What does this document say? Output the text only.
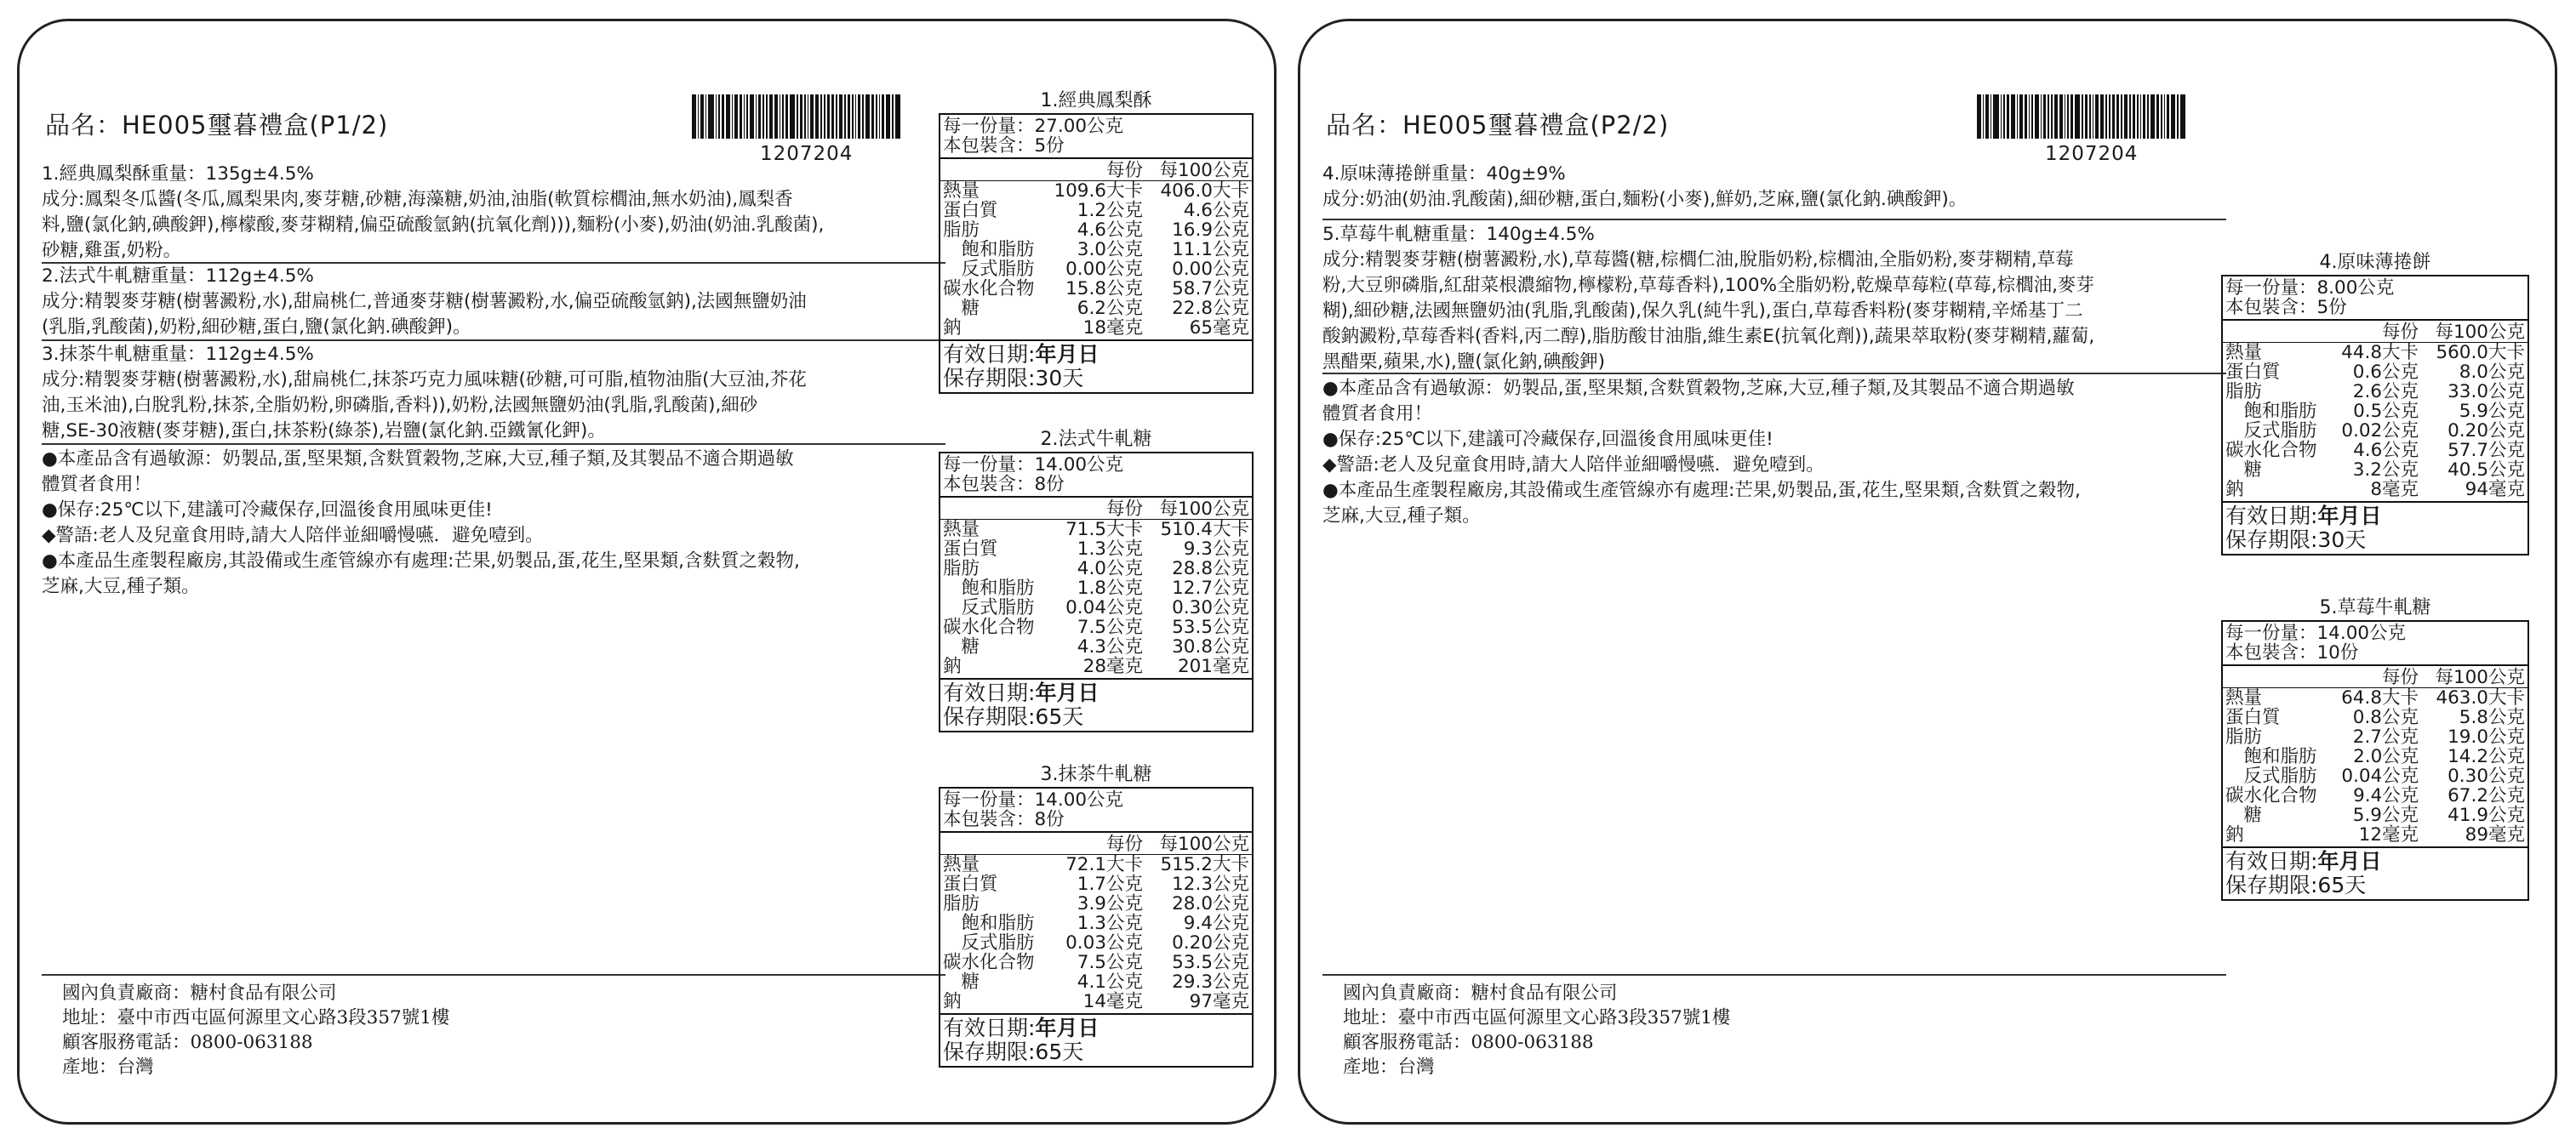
品名：HE005璽暮禮盒(P1/2)
1207204
1.經典鳳梨酥重量：135g±4.5%
成分:鳳梨冬瓜醬(冬瓜,鳳梨果肉,麥芽糖,砂糖,海藻糖,奶油,油脂(軟質棕櫚油,無水奶油),鳳梨香
料,鹽(氯化鈉,碘酸鉀),檸檬酸,麥芽糊精,偏亞硫酸氫鈉(抗氧化劑))),麵粉(小麥),奶油(奶油.乳酸菌),
砂糖,雞蛋,奶粉。
2.法式牛軋糖重量：112g±4.5%
成分:精製麥芽糖(樹薯澱粉,水),甜扁桃仁,普通麥芽糖(樹薯澱粉,水,偏亞硫酸氫鈉),法國無鹽奶油
(乳脂,乳酸菌),奶粉,細砂糖,蛋白,鹽(氯化鈉.碘酸鉀)。
3.抹茶牛軋糖重量：112g±4.5%
成分:精製麥芽糖(樹薯澱粉,水),甜扁桃仁,抹茶巧克力風味糖(砂糖,可可脂,植物油脂(大豆油,芥花
油,玉米油),白脫乳粉,抹茶,全脂奶粉,卵磷脂,香料)),奶粉,法國無鹽奶油(乳脂,乳酸菌),細砂
糖,SE-30液糖(麥芽糖),蛋白,抹茶粉(綠茶),岩鹽(氯化鈉.亞鐵氰化鉀)。
●本產品含有過敏源：奶製品,蛋,堅果類,含麩質穀物,芝麻,大豆,種子類,及其製品不適合期過敏
體質者食用！
●保存:25℃以下,建議可冷藏保存,回溫後食用風味更佳!
◆警語:老人及兒童食用時,請大人陪伴並細嚼慢嚥．避免噎到。
●本產品生產製程廠房,其設備或生產管線亦有處理:芒果,奶製品,蛋,花生,堅果類,含麩質之穀物,
芝麻,大豆,種子類。
國內負責廠商：糖村食品有限公司
地址：臺中市西屯區何源里文心路3段357號1樓
顧客服務電話：0800-063188
產地：台灣
1.經典鳳梨酥
每一份量：27.00公克
本包裝含：5份
每份 每100公克
熱量	109.6大卡 406.0大卡
蛋白質	1.2公克	4.6公克
脂肪	4.6公克	16.9公克
　飽和脂肪	3.0公克	11.1公克
　反式脂肪	0.00公克	0.00公克
碳水化合物	15.8公克	58.7公克
　糖	6.2公克	22.8公克
鈉	18毫克	65毫克
有效日期:年月日
保存期限:30天
2.法式牛軋糖
每一份量：14.00公克
本包裝含：8份
每份 每100公克
熱量	71.5大卡 510.4大卡
蛋白質	1.3公克	9.3公克
脂肪	4.0公克	28.8公克
　飽和脂肪	1.8公克	12.7公克
　反式脂肪	0.04公克	0.30公克
碳水化合物	7.5公克	53.5公克
　糖	4.3公克	30.8公克
鈉	28毫克	201毫克
有效日期:年月日
保存期限:65天
3.抹茶牛軋糖
每一份量：14.00公克
本包裝含：8份
每份 每100公克
熱量	72.1大卡 515.2大卡
蛋白質	1.7公克	12.3公克
脂肪	3.9公克	28.0公克
　飽和脂肪	1.3公克	9.4公克
　反式脂肪	0.03公克	0.20公克
碳水化合物	7.5公克	53.5公克
　糖	4.1公克	29.3公克
鈉	14毫克	97毫克
有效日期:年月日
保存期限:65天
品名：HE005璽暮禮盒(P2/2)
1207204
4.原味薄捲餅重量：40g±9%
成分:奶油(奶油.乳酸菌),細砂糖,蛋白,麵粉(小麥),鮮奶,芝麻,鹽(氯化鈉.碘酸鉀)。
5.草莓牛軋糖重量：140g±4.5%
成分:精製麥芽糖(樹薯澱粉,水),草莓醬(糖,棕櫚仁油,脫脂奶粉,棕櫚油,全脂奶粉,麥芽糊精,草莓
粉,大豆卵磷脂,紅甜菜根濃縮物,檸檬粉,草莓香料),100%全脂奶粉,乾燥草莓粒(草莓,棕櫚油,麥芽
糊),細砂糖,法國無鹽奶油(乳脂,乳酸菌),保久乳(純牛乳),蛋白,草莓香料粉(麥芽糊精,辛烯基丁二
酸鈉澱粉,草莓香料(香料,丙二醇),脂肪酸甘油脂,維生素E(抗氧化劑)),蔬果萃取粉(麥芽糊精,蘿蔔,
黑醋栗,蘋果,水),鹽(氯化鈉,碘酸鉀)
●本產品含有過敏源：奶製品,蛋,堅果類,含麩質穀物,芝麻,大豆,種子類,及其製品不適合期過敏
體質者食用！
●保存:25℃以下,建議可冷藏保存,回溫後食用風味更佳!
◆警語:老人及兒童食用時,請大人陪伴並細嚼慢嚥．避免噎到。
●本產品生產製程廠房,其設備或生產管線亦有處理:芒果,奶製品,蛋,花生,堅果類,含麩質之穀物,
芝麻,大豆,種子類。
國內負責廠商：糖村食品有限公司
地址：臺中市西屯區何源里文心路3段357號1樓
顧客服務電話：0800-063188
產地：台灣
4.原味薄捲餅
每一份量：8.00公克
本包裝含：5份
每份 每100公克
熱量	44.8大卡 560.0大卡
蛋白質	0.6公克	8.0公克
脂肪	2.6公克	33.0公克
　飽和脂肪	0.5公克	5.9公克
　反式脂肪	0.02公克	0.20公克
碳水化合物	4.6公克	57.7公克
　糖	3.2公克	40.5公克
鈉	8毫克	94毫克
有效日期:年月日
保存期限:30天
5.草莓牛軋糖
每一份量：14.00公克
本包裝含：10份
每份 每100公克
熱量	64.8大卡 463.0大卡
蛋白質	0.8公克	5.8公克
脂肪	2.7公克	19.0公克
　飽和脂肪	2.0公克	14.2公克
　反式脂肪	0.04公克	0.30公克
碳水化合物	9.4公克	67.2公克
　糖	5.9公克	41.9公克
鈉	12毫克	89毫克
有效日期:年月日
保存期限:65天
